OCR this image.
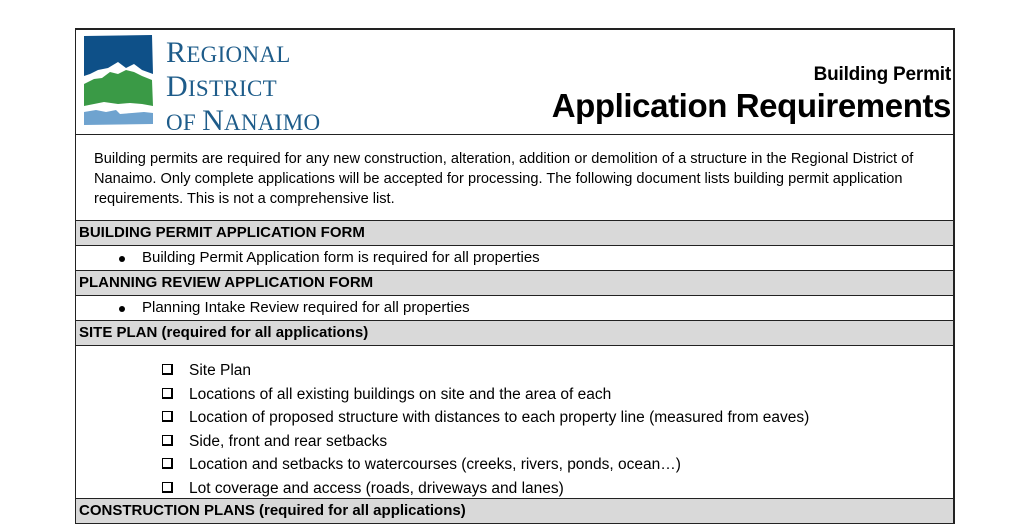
REGIONAL
DISTRICT
OF NANAIMO
Building Permit
Application Requirements
Building permits are required for any new construction, alteration, addition or demolition of a structure in the Regional District of Nanaimo. Only complete applications will be accepted for processing. The following document lists building permit application requirements. This is not a comprehensive list.
BUILDING PERMIT APPLICATION FORM
Building Permit Application form is required for all properties
PLANNING REVIEW APPLICATION FORM
Planning Intake Review required for all properties
SITE PLAN (required for all applications)
Site Plan
Locations of all existing buildings on site and the area of each
Location of proposed structure with distances to each property line (measured from eaves)
Side, front and rear setbacks
Location and setbacks to watercourses (creeks, rivers, ponds, ocean…)
Lot coverage and access (roads, driveways and lanes)
CONSTRUCTION PLANS (required for all applications)
